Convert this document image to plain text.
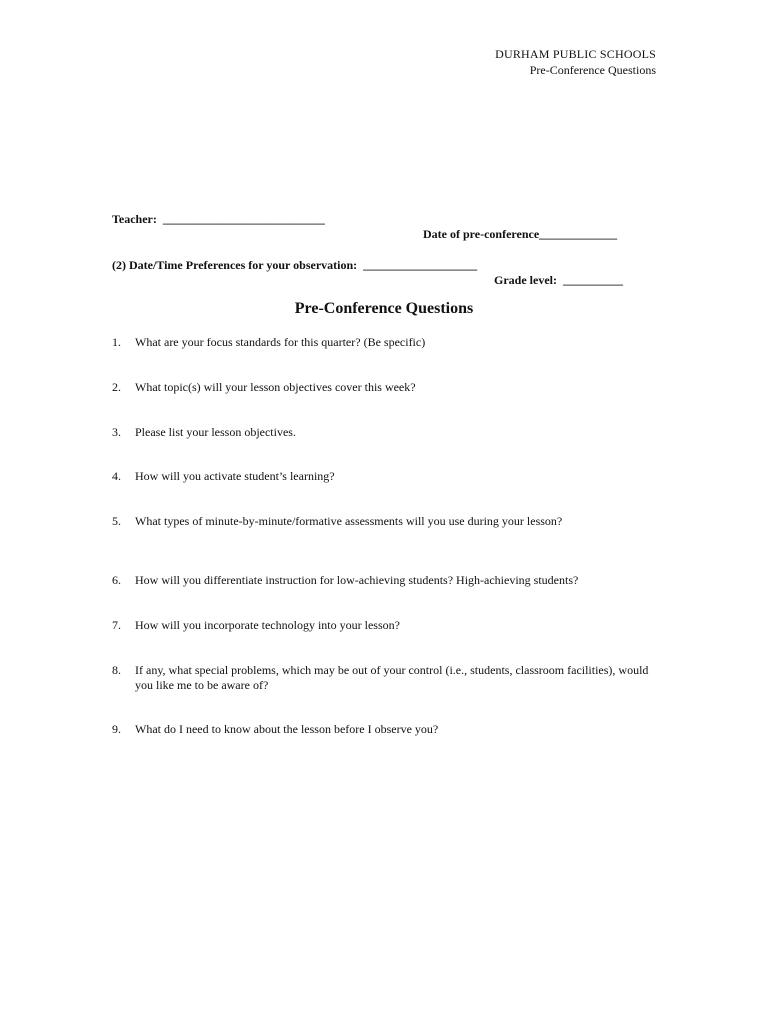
DURHAM PUBLIC SCHOOLS
Pre-Conference Questions

Teacher:  ___________________________

Date of pre-conference_____________

(2) Date/Time Preferences for your observation:  ___________________

Grade level:  __________

Pre-Conference Questions
1. What are your focus standards for this quarter? (Be specific)
2. What topic(s) will your lesson objectives cover this week?
3. Please list your lesson objectives.
4. How will you activate student’s learning?
5. What types of minute-by-minute/formative assessments will you use during your lesson?
6. How will you differentiate instruction for low-achieving students? High-achieving students?
7. How will you incorporate technology into your lesson?
8. If any, what special problems, which may be out of your control (i.e., students, classroom facilities), would you like me to be aware of?
9. What do I need to know about the lesson before I observe you?
